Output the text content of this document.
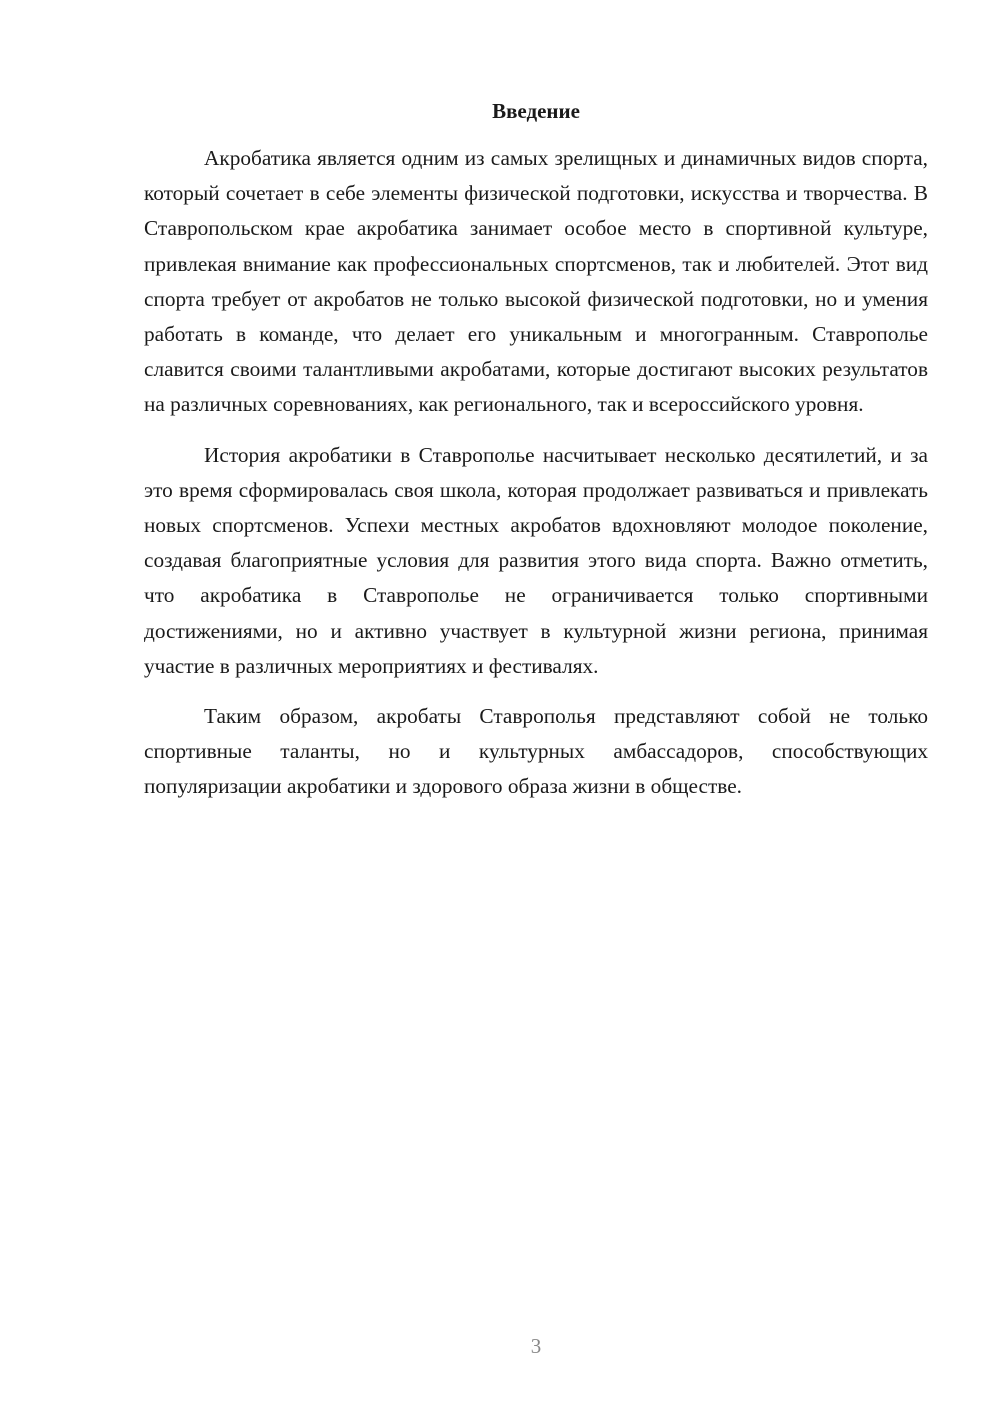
Введение

Акробатика является одним из самых зрелищных и динамичных видов спорта, который сочетает в себе элементы физической подготовки, искусства и творчества. В Ставропольском крае акробатика занимает особое место в спортивной культуре, привлекая внимание как профессиональных спортсменов, так и любителей. Этот вид спорта требует от акробатов не только высокой физической подготовки, но и умения работать в команде, что делает его уникальным и многогранным. Ставрополье славится своими талантливыми акробатами, которые достигают высоких результатов на различных соревнованиях, как регионального, так и всероссийского уровня.

История акробатики в Ставрополье насчитывает несколько десятилетий, и за это время сформировалась своя школа, которая продолжает развиваться и привлекать новых спортсменов. Успехи местных акробатов вдохновляют молодое поколение, создавая благоприятные условия для развития этого вида спорта. Важно отметить, что акробатика в Ставрополье не ограничивается только спортивными достижениями, но и активно участвует в культурной жизни региона, принимая участие в различных мероприятиях и фестивалях.

Таким образом, акробаты Ставрополья представляют собой не только спортивные таланты, но и культурных амбассадоров, способствующих популяризации акробатики и здорового образа жизни в обществе.

3
